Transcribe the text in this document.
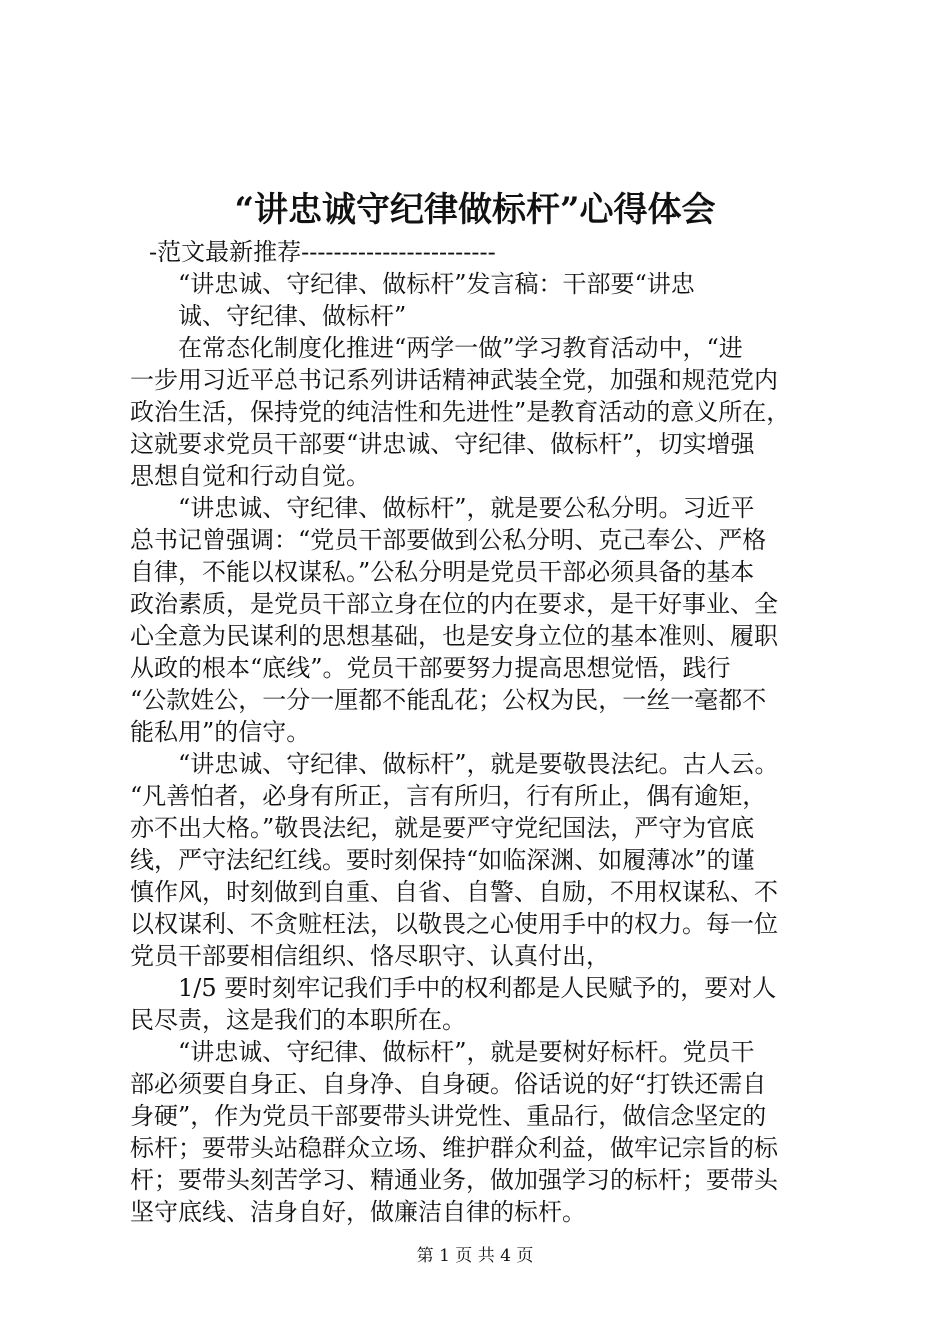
“讲忠诚守纪律做标杆”心得体会
-范文最新推荐------------------------
“讲忠诚、守纪律、做标杆”发言稿：干部要“讲忠
诚、守纪律、做标杆”
在常态化制度化推进“两学一做”学习教育活动中，“进
一步用习近平总书记系列讲话精神武装全党，加强和规范党内
政治生活，保持党的纯洁性和先进性”是教育活动的意义所在，
这就要求党员干部要“讲忠诚、守纪律、做标杆”，切实增强
思想自觉和行动自觉。
“讲忠诚、守纪律、做标杆”，就是要公私分明。习近平
总书记曾强调：“党员干部要做到公私分明、克己奉公、严格
自律，不能以权谋私。”公私分明是党员干部必须具备的基本
政治素质，是党员干部立身在位的内在要求，是干好事业、全
心全意为民谋利的思想基础，也是安身立位的基本准则、履职
从政的根本“底线”。党员干部要努力提高思想觉悟，践行
“公款姓公，一分一厘都不能乱花；公权为民，一丝一毫都不
能私用”的信守。
“讲忠诚、守纪律、做标杆”，就是要敬畏法纪。古人云。
“凡善怕者，必身有所正，言有所归，行有所止，偶有逾矩，
亦不出大格。”敬畏法纪，就是要严守党纪国法，严守为官底
线，严守法纪红线。要时刻保持“如临深渊、如履薄冰”的谨
慎作风，时刻做到自重、自省、自警、自励，不用权谋私、不
以权谋利、不贪赃枉法，以敬畏之心使用手中的权力。每一位
党员干部要相信组织、恪尽职守、认真付出，
1/5 要时刻牢记我们手中的权利都是人民赋予的，要对人
民尽责，这是我们的本职所在。
“讲忠诚、守纪律、做标杆”，就是要树好标杆。党员干
部必须要自身正、自身净、自身硬。俗话说的好“打铁还需自
身硬”，作为党员干部要带头讲党性、重品行，做信念坚定的
标杆；要带头站稳群众立场、维护群众利益，做牢记宗旨的标
杆；要带头刻苦学习、精通业务，做加强学习的标杆；要带头
坚守底线、洁身自好，做廉洁自律的标杆。
第 1 页 共 4 页
